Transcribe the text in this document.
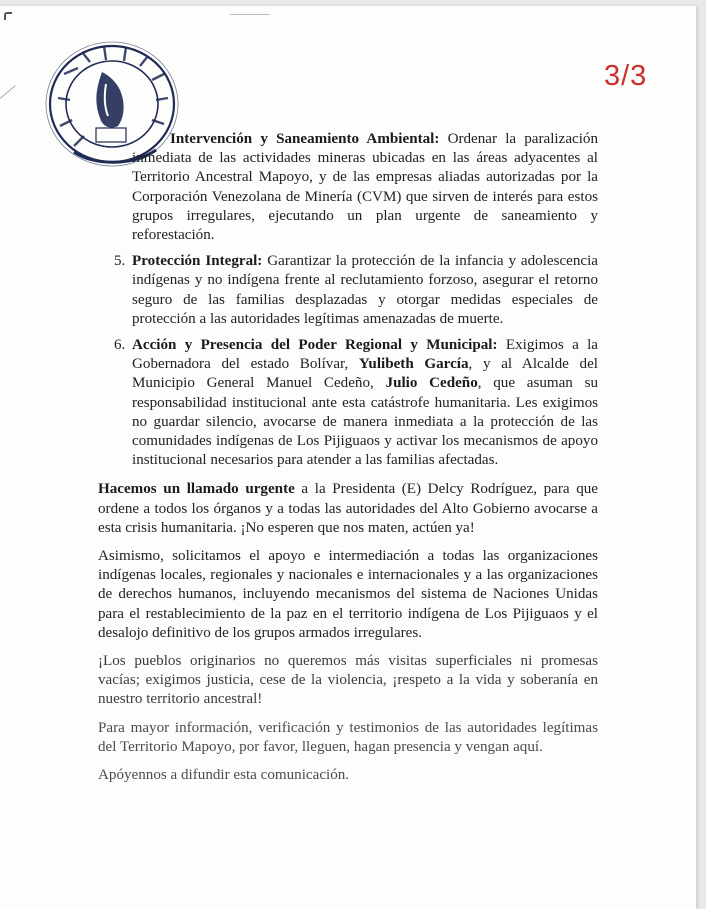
3/3

Intervención y Saneamiento Ambiental: Ordenar la paralización inmediata de las actividades mineras ubicadas en las áreas adyacentes al Territorio Ancestral Mapoyo, y de las empresas aliadas autorizadas por la Corporación Venezolana de Minería (CVM) que sirven de interés para estos grupos irregulares, ejecutando un plan urgente de saneamiento y reforestación.

5. Protección Integral: Garantizar la protección de la infancia y adolescencia indígenas y no indígena frente al reclutamiento forzoso, asegurar el retorno seguro de las familias desplazadas y otorgar medidas especiales de protección a las autoridades legítimas amenazadas de muerte.

6. Acción y Presencia del Poder Regional y Municipal: Exigimos a la Gobernadora del estado Bolívar, Yulibeth García, y al Alcalde del Municipio General Manuel Cedeño, Julio Cedeño, que asuman su responsabilidad institucional ante esta catástrofe humanitaria. Les exigimos no guardar silencio, avocarse de manera inmediata a la protección de las comunidades indígenas de Los Pijiguaos y activar los mecanismos de apoyo institucional necesarios para atender a las familias afectadas.

Hacemos un llamado urgente a la Presidenta (E) Delcy Rodríguez, para que ordene a todos los órganos y a todas las autoridades del Alto Gobierno avocarse a esta crisis humanitaria. ¡No esperen que nos maten, actúen ya!

Asimismo, solicitamos el apoyo e intermediación a todas las organizaciones indígenas locales, regionales y nacionales e internacionales y a las organizaciones de derechos humanos, incluyendo mecanismos del sistema de Naciones Unidas para el restablecimiento de la paz en el territorio indígena de Los Pijiguaos y el desalojo definitivo de los grupos armados irregulares.

¡Los pueblos originarios no queremos más visitas superficiales ni promesas vacías; exigimos justicia, cese de la violencia, ¡respeto a la vida y soberanía en nuestro territorio ancestral!

Para mayor información, verificación y testimonios de las autoridades legítimas del Territorio Mapoyo, por favor, lleguen, hagan presencia y vengan aquí.

Apóyennos a difundir esta comunicación.
